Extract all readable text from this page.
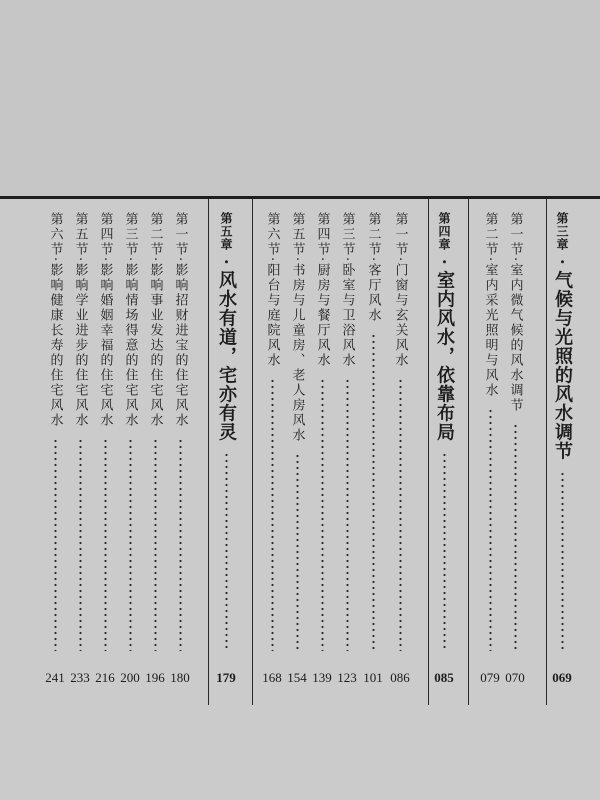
第三章·气候与光照的风水调节
069
第一节·室内微气候的风水调节
070
第二节·室内采光照明与风水
079
第四章·室内风水，依靠布局
085
第一节·门窗与玄关风水
086
第二节·客厅风水
101
第三节·卧室与卫浴风水
123
第四节·厨房与餐厅风水
139
第五节·书房与儿童房、老人房风水
154
第六节·阳台与庭院风水
168
第五章·风水有道，宅亦有灵
179
第一节·影响招财进宝的住宅风水
180
第二节·影响事业发达的住宅风水
196
第三节·影响情场得意的住宅风水
200
第四节·影响婚姻幸福的住宅风水
216
第五节·影响学业进步的住宅风水
233
第六节·影响健康长寿的住宅风水
241
